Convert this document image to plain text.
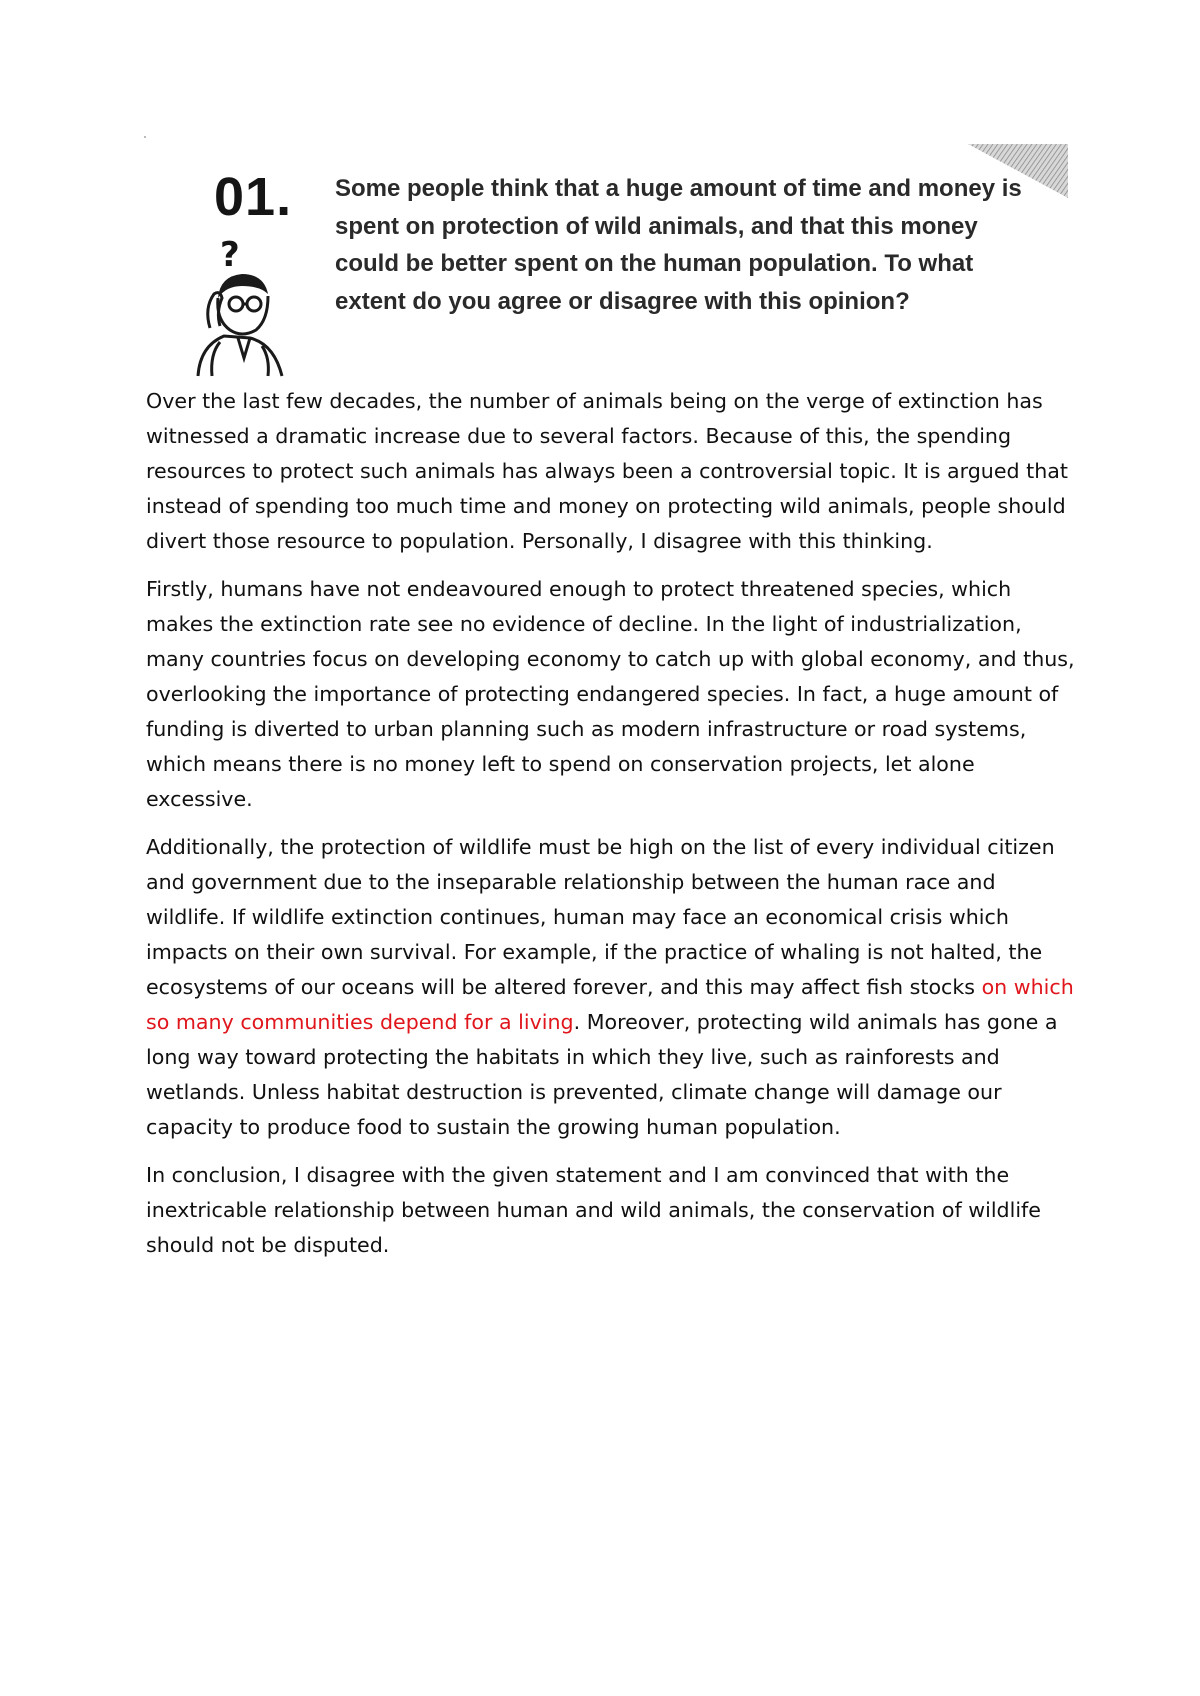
01.
?

Some people think that a huge amount of time and money is spent on protection of wild animals, and that this money could be better spent on the human population. To what extent do you agree or disagree with this opinion?

Over the last few decades, the number of animals being on the verge of extinction has witnessed a dramatic increase due to several factors. Because of this, the spending resources to protect such animals has always been a controversial topic. It is argued that instead of spending too much time and money on protecting wild animals, people should divert those resource to population. Personally, I disagree with this thinking.

Firstly, humans have not endeavoured enough to protect threatened species, which makes the extinction rate see no evidence of decline. In the light of industrialization, many countries focus on developing economy to catch up with global economy, and thus, overlooking the importance of protecting endangered species. In fact, a huge amount of funding is diverted to urban planning such as modern infrastructure or road systems, which means there is no money left to spend on conservation projects, let alone excessive.

Additionally, the protection of wildlife must be high on the list of every individual citizen and government due to the inseparable relationship between the human race and wildlife. If wildlife extinction continues, human may face an economical crisis which impacts on their own survival. For example, if the practice of whaling is not halted, the ecosystems of our oceans will be altered forever, and this may affect fish stocks on which so many communities depend for a living. Moreover, protecting wild animals has gone a long way toward protecting the habitats in which they live, such as rainforests and wetlands. Unless habitat destruction is prevented, climate change will damage our capacity to produce food to sustain the growing human population.

In conclusion, I disagree with the given statement and I am convinced that with the inextricable relationship between human and wild animals, the conservation of wildlife should not be disputed.
